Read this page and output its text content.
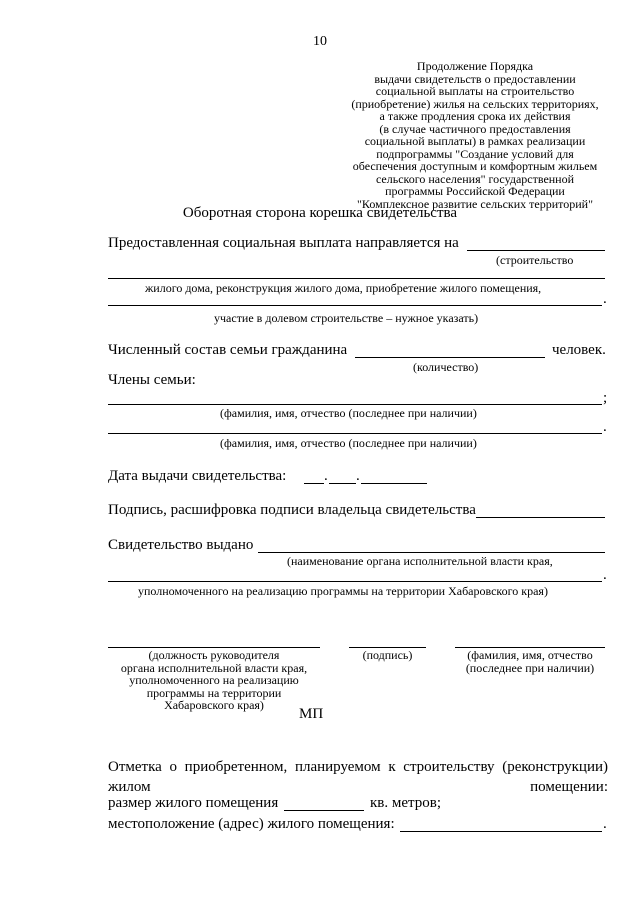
10
Продолжение Порядка
выдачи свидетельств о предоставлении
социальной выплаты на строительство
(приобретение) жилья на сельских территориях,
а также продления срока их действия
(в случае частичного предоставления
социальной выплаты) в рамках реализации
подпрограммы "Создание условий для
обеспечения доступным и комфортным жильем
сельского населения" государственной
программы Российской Федерации
"Комплексное развитие сельских территорий"
Оборотная сторона корешка свидетельства
Предоставленная социальная выплата направляется на
(строительство
жилого дома, реконструкция жилого дома, приобретение жилого помещения,
.
участие в долевом строительстве – нужное указать)
Численный состав семьи гражданина	человек.
(количество)
Члены семьи:
;
(фамилия, имя, отчество (последнее при наличии)
.
(фамилия, имя, отчество (последнее при наличии)
Дата выдачи свидетельства:	. .
Подпись, расшифровка подписи владельца свидетельства
Свидетельство выдано
(наименование органа исполнительной власти края,
.
уполномоченного на реализацию программы на территории Хабаровского края)
(должность руководителя
органа исполнительной власти края,
уполномоченного на реализацию
программы на территории
Хабаровского края)
(подпись)	(фамилия, имя, отчество
(последнее при наличии)
МП
Отметка о приобретенном, планируемом к строительству (реконструкции) жилом помещении:
размер жилого помещения	кв. метров;
местоположение (адрес) жилого помещения:	.
